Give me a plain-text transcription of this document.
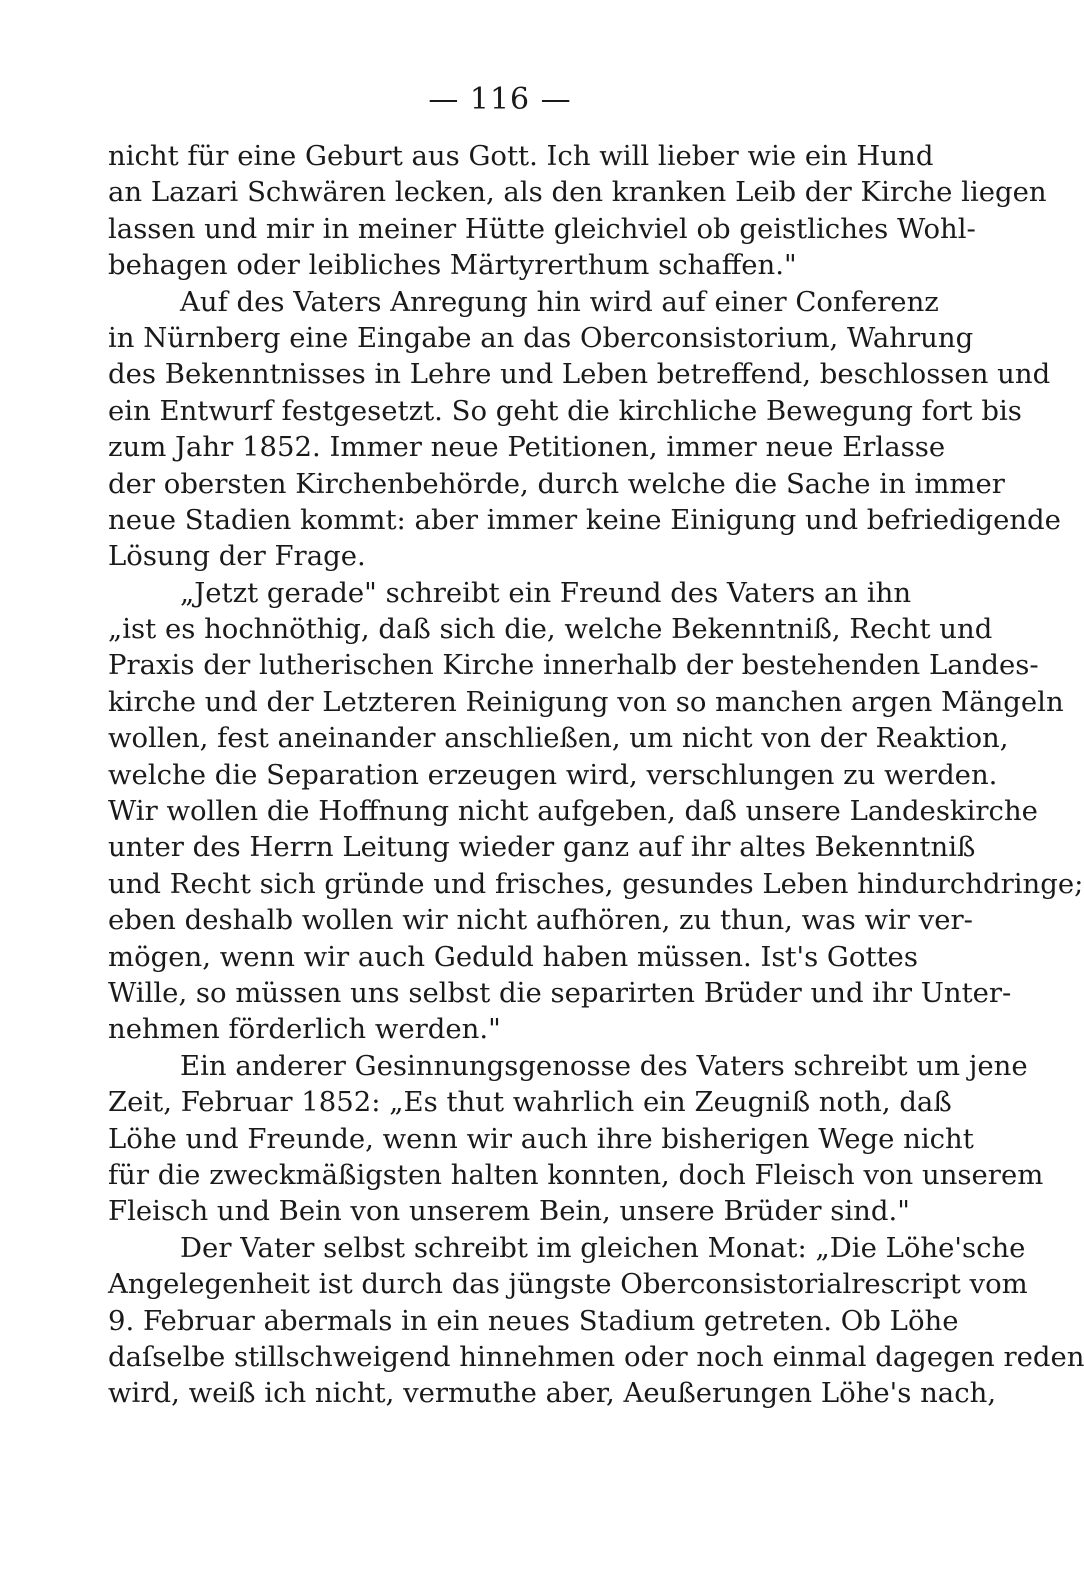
— 116 —
nicht für eine Geburt aus Gott. Ich will lieber wie ein Hund
an Lazari Schwären lecken, als den kranken Leib der Kirche liegen
lassen und mir in meiner Hütte gleichviel ob geistliches Wohl-
behagen oder leibliches Märtyrerthum schaffen."
Auf des Vaters Anregung hin wird auf einer Conferenz
in Nürnberg eine Eingabe an das Oberconsistorium, Wahrung
des Bekenntnisses in Lehre und Leben betreffend, beschlossen und
ein Entwurf festgesetzt. So geht die kirchliche Bewegung fort bis
zum Jahr 1852. Immer neue Petitionen, immer neue Erlasse
der obersten Kirchenbehörde, durch welche die Sache in immer
neue Stadien kommt: aber immer keine Einigung und befriedigende
Lösung der Frage.
„Jetzt gerade" schreibt ein Freund des Vaters an ihn
„ist es hochnöthig, daß sich die, welche Bekenntniß, Recht und
Praxis der lutherischen Kirche innerhalb der bestehenden Landes-
kirche und der Letzteren Reinigung von so manchen argen Mängeln
wollen, fest aneinander anschließen, um nicht von der Reaktion,
welche die Separation erzeugen wird, verschlungen zu werden.
Wir wollen die Hoffnung nicht aufgeben, daß unsere Landeskirche
unter des Herrn Leitung wieder ganz auf ihr altes Bekenntniß
und Recht sich gründe und frisches, gesundes Leben hindurchdringe;
eben deshalb wollen wir nicht aufhören, zu thun, was wir ver-
mögen, wenn wir auch Geduld haben müssen. Ist's Gottes
Wille, so müssen uns selbst die separirten Brüder und ihr Unter-
nehmen förderlich werden."
Ein anderer Gesinnungsgenosse des Vaters schreibt um jene
Zeit, Februar 1852: „Es thut wahrlich ein Zeugniß noth, daß
Löhe und Freunde, wenn wir auch ihre bisherigen Wege nicht
für die zweckmäßigsten halten konnten, doch Fleisch von unserem
Fleisch und Bein von unserem Bein, unsere Brüder sind."
Der Vater selbst schreibt im gleichen Monat: „Die Löhe'sche
Angelegenheit ist durch das jüngste Oberconsistorialrescript vom
9. Februar abermals in ein neues Stadium getreten. Ob Löhe
daſselbe stillschweigend hinnehmen oder noch einmal dagegen reden
wird, weiß ich nicht, vermuthe aber, Aeußerungen Löhe's nach,
